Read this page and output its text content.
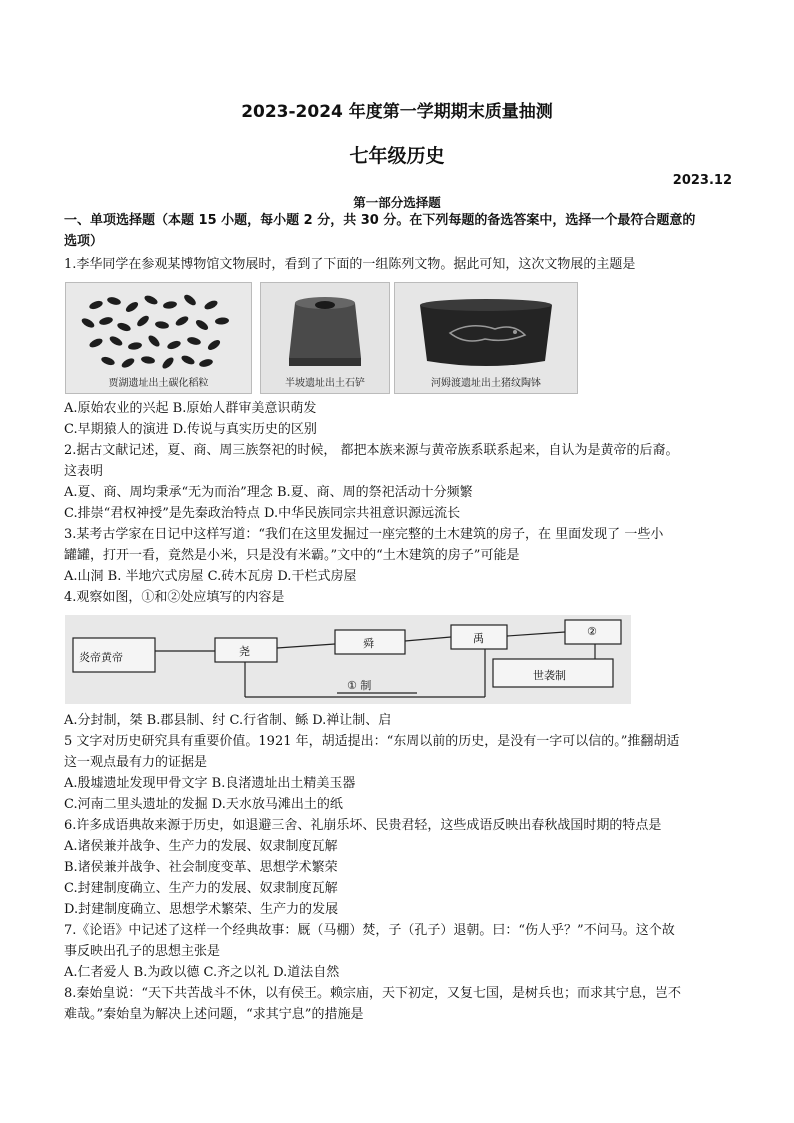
2023-2024 年度第一学期期末质量抽测
七年级历史
2023.12
第一部分选择题
一、单项选择题（本题 15 小题，每小题 2 分，共 30 分。在下列每题的备选答案中，选择一个最符合题意的
选项）
1.李华同学在参观某博物馆文物展时，看到了下面的一组陈列文物。据此可知，这次文物展的主题是
贾湖遗址出土碳化稻粒	半坡遗址出土石铲	河姆渡遗址出土猪纹陶钵
A.原始农业的兴起 B.原始人群审美意识萌发
C.早期猿人的演进 D.传说与真实历史的区别
2.据古文献记述，夏、商、周三族祭祀的时候， 都把本族来源与黄帝族系联系起来，自认为是黄帝的后裔。
这表明
A.夏、商、周均秉承“无为而治”理念 B.夏、商、周的祭祀活动十分频繁
C.排崇“君权神授”是先秦政治特点 D.中华民族同宗共祖意识源远流长
3.某考古学家在日记中这样写道：“我们在这里发掘过一座完整的土木建筑的房子，在 里面发现了 一些小
罐罐，打开一看，竟然是小米，只是没有米霸。”文中的“土木建筑的房子”可能是
A.山洞 B. 半地穴式房屋 C.砖木瓦房 D.干栏式房屋
4.观察如图，①和②处应填写的内容是
炎帝黄帝	尧
舜	禹
②
① 制
世袭制
A.分封制，桀 B.郡县制、纣 C.行省制、鲧 D.禅让制、启
5 文字对历史研究具有重要价值。1921 年，胡适提出：“东周以前的历史，是没有一字可以信的。”推翻胡适
这一观点最有力的证据是
A.殷墟遗址发现甲骨文字 B.良渚遗址出土精美玉器
C.河南二里头遗址的发掘 D.天水放马滩出土的纸
6.许多成语典故来源于历史，如退避三舍、礼崩乐坏、民贵君轻，这些成语反映出春秋战国时期的特点是
A.诸侯兼并战争、生产力的发展、奴隶制度瓦解
B.诸侯兼并战争、社会制度变革、思想学术繁荣
C.封建制度确立、生产力的发展、奴隶制度瓦解
D.封建制度确立、思想学术繁荣、生产力的发展
7.《论语》中记述了这样一个经典故事：厩（马棚）焚，子（孔子）退朝。曰：“伤人乎？”不问马。这个故
事反映出孔子的思想主张是
A.仁者爱人 B.为政以德 C.齐之以礼 D.道法自然
8.秦始皇说：“天下共苦战斗不休，以有侯王。赖宗庙，天下初定，又复七国，是树兵也；而求其宁息，岂不
难哉。”秦始皇为解决上述问题，“求其宁息”的措施是
